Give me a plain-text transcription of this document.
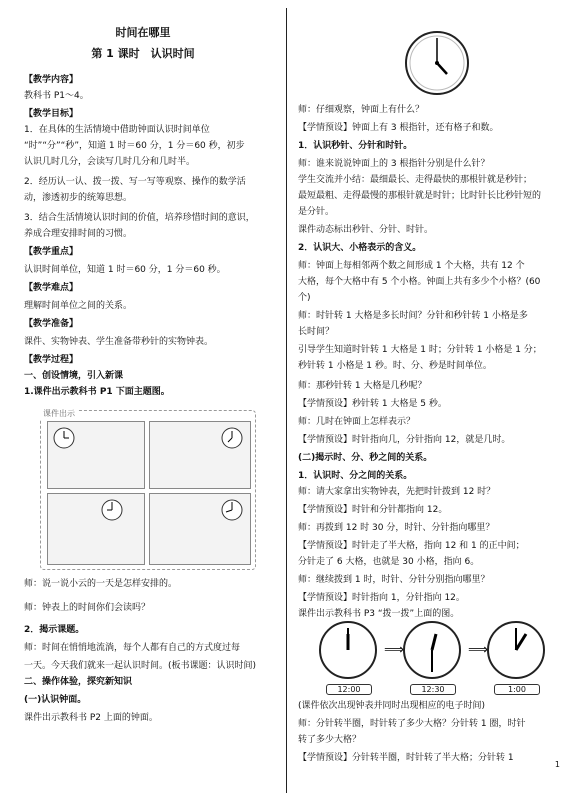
时间在哪里
第 1 课时　认识时间
【教学内容】
教科书 P1～4。
【教学目标】
1．在具体的生活情境中借助钟面认识时间单位
“时”“分”“秒”，知道 1 时＝60 分，1 分＝60 秒，初步
认识几时几分，会读写几时几分和几时半。
2．经历认一认、拨一拨、写一写等观察、操作的数学活
动，渗透初步的统筹思想。
3．结合生活情境认识时间的价值，培养珍惜时间的意识，
养成合理安排时间的习惯。
【教学重点】
认识时间单位，知道 1 时＝60 分，1 分＝60 秒。
【教学难点】
理解时间单位之间的关系。
【教学准备】
课件、实物钟表、学生准备带秒针的实物钟表。
【教学过程】
一、创设情境，引入新课
1.课件出示教科书 P1 下面主题图。
师：说一说小云的一天是怎样安排的。
师：钟表上的时间你们会读吗？
2．揭示课题。
师：时间在悄悄地流淌，每个人都有自己的方式度过每
一天。今天我们就来一起认识时间。(板书课题：认识时间)
二、操作体验，探究新知识
(一)认识钟面。
课件出示教科书 P2 上面的钟面。
师：仔细观察，钟面上有什么？
【学情预设】钟面上有 3 根指针，还有格子和数。
1．认识秒针、分针和时针。
师：谁来说说钟面上的 3 根指针分别是什么针？
学生交流并小结：最细最长、走得最快的那根针就是秒针；
最短最粗、走得最慢的那根针就是时针；比时针长比秒针短的
是分针。
课件动态标出秒针、分针、时针。
2．认识大、小格表示的含义。
师：钟面上每相邻两个数之间形成 1 个大格，共有 12 个
大格，每个大格中有 5 个小格。钟面上共有多少个小格？(60
个)
师：时针转 1 大格是多长时间？分针和秒针转 1 小格是多
长时间？
引导学生知道时针转 1 大格是 1 时；分针转 1 小格是 1 分；
秒针转 1 小格是 1 秒。时、分、秒是时间单位。
师：那秒针转 1 大格是几秒呢？
【学情预设】秒针转 1 大格是 5 秒。
师：几时在钟面上怎样表示？
【学情预设】时针指向几，分针指向 12，就是几时。
(二)揭示时、分、秒之间的关系。
1．认识时、分之间的关系。
师：请大家拿出实物钟表，先把时针拨到 12 时？
【学情预设】时针和分针都指向 12。
师：再拨到 12 时 30 分，时针、分针指向哪里？
【学情预设】时针走了半大格，指向 12 和 1 的正中间；
分针走了 6 大格，也就是 30 小格，指向 6。
师：继续拨到 1 时，时针、分针分别指向哪里？
【学情预设】时针指向 1，分针指向 12。
课件出示教科书 P3 “拨一拨”上面的图。
课件出示
⟹	⟹
12:00	12:30	1:00
(课件依次出现钟表并同时出现相应的电子时间)
师：分针转半圈，时针转了多少大格？分针转 1 圈，时针
转了多少大格？
【学情预设】分针转半圈，时针转了半大格；分针转 1
1
